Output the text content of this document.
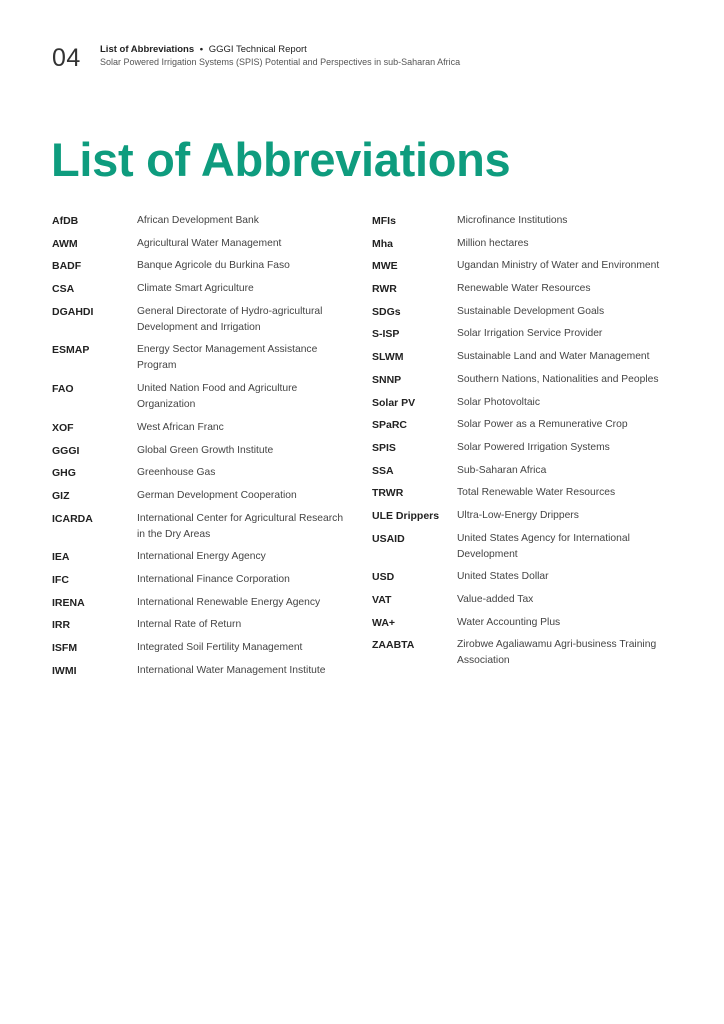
04	List of Abbreviations • GGGI Technical Report
Solar Powered Irrigation Systems (SPIS) Potential and Perspectives in sub-Saharan Africa
List of Abbreviations
AfDB	African Development Bank
AWM	Agricultural Water Management
BADF	Banque Agricole du Burkina Faso
CSA	Climate Smart Agriculture
DGAHDI	General Directorate of Hydro-agricultural Development and Irrigation
ESMAP	Energy Sector Management Assistance Program
FAO	United Nation Food and Agriculture Organization
XOF	West African Franc
GGGI	Global Green Growth Institute
GHG	Greenhouse Gas
GIZ	German Development Cooperation
ICARDA	International Center for Agricultural Research in the Dry Areas
IEA	International Energy Agency
IFC	International Finance Corporation
IRENA	International Renewable Energy Agency
IRR	Internal Rate of Return
ISFM	Integrated Soil Fertility Management
IWMI	International Water Management Institute
MFIs	Microfinance Institutions
Mha	Million hectares
MWE	Ugandan Ministry of Water and Environment
RWR	Renewable Water Resources
SDGs	Sustainable Development Goals
S-ISP	Solar Irrigation Service Provider
SLWM	Sustainable Land and Water Management
SNNP	Southern Nations, Nationalities and Peoples
Solar PV	Solar Photovoltaic
SPaRC	Solar Power as a Remunerative Crop
SPIS	Solar Powered Irrigation Systems
SSA	Sub-Saharan Africa
TRWR	Total Renewable Water Resources
ULE Drippers	Ultra-Low-Energy Drippers
USAID	United States Agency for International Development
USD	United States Dollar
VAT	Value-added Tax
WA+	Water Accounting Plus
ZAABTA	Zirobwe Agaliawamu Agri-business Training Association
